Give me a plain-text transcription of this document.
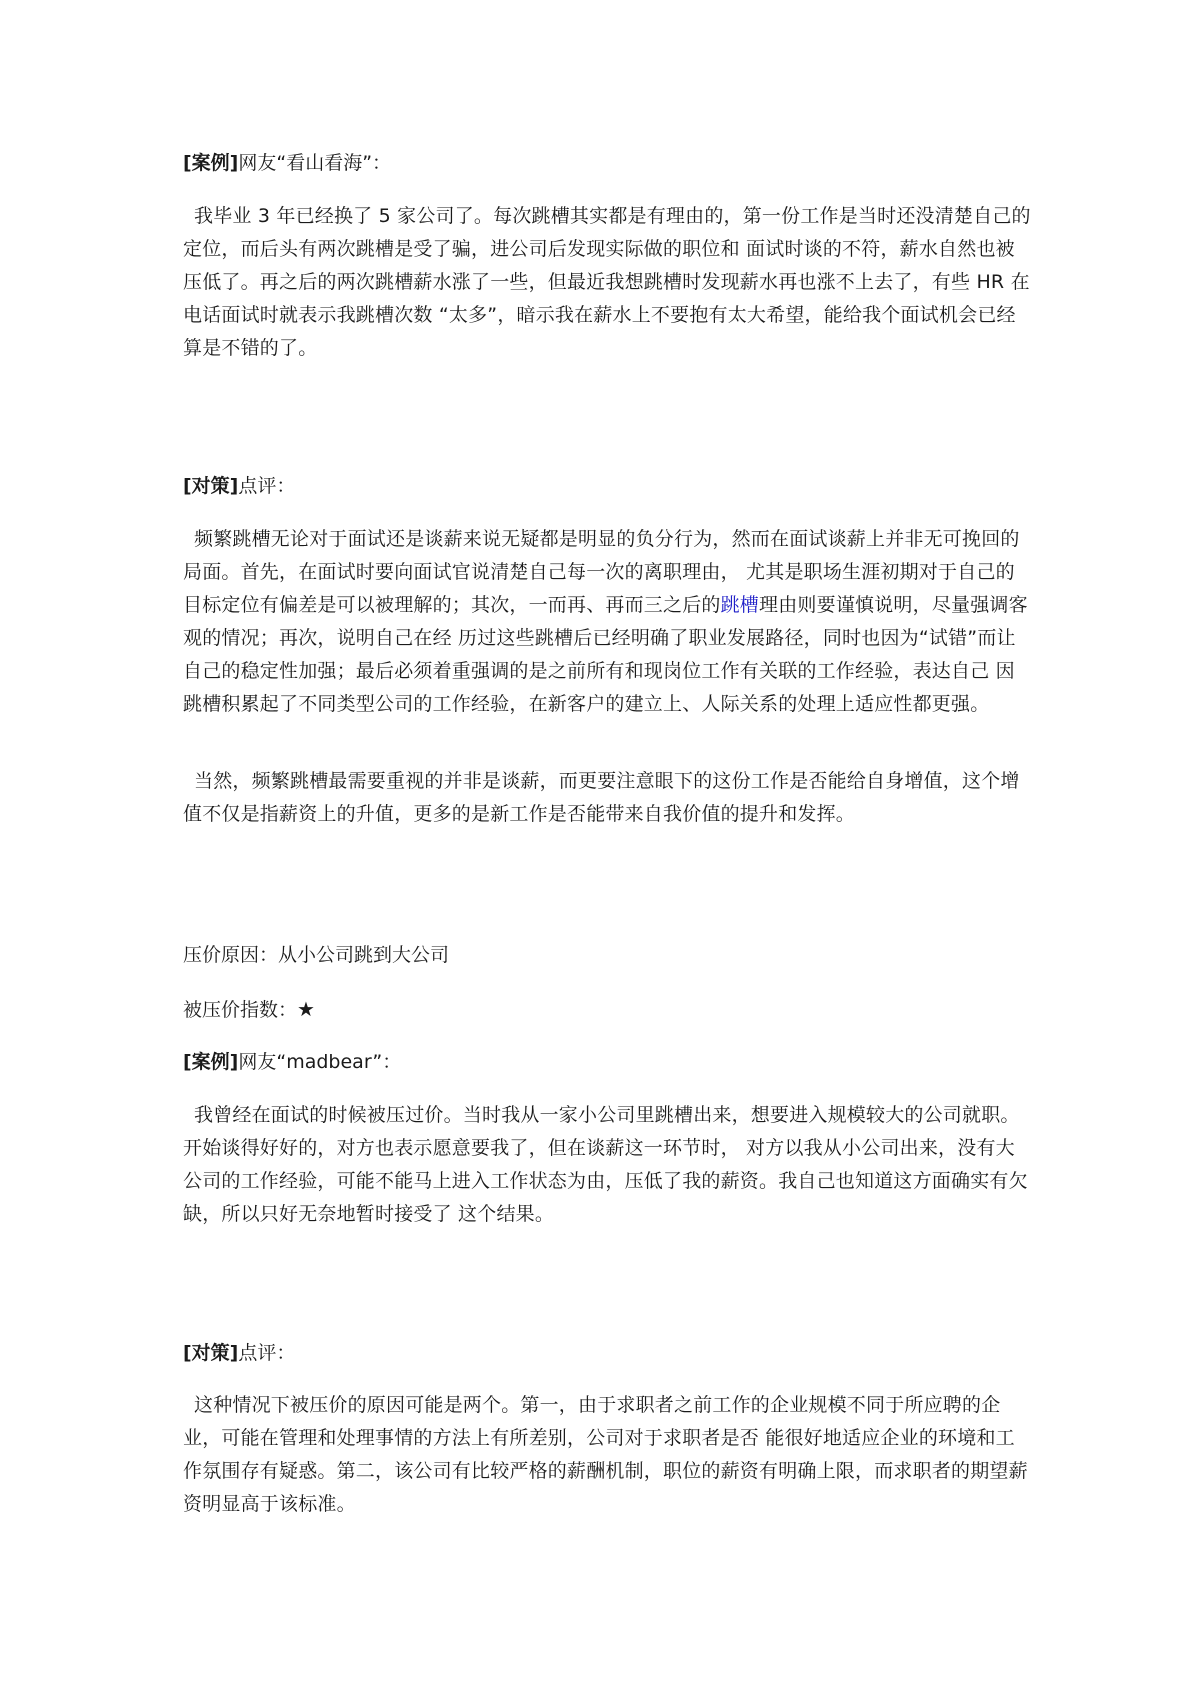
[案例]网友“看山看海”：
我毕业 3 年已经换了 5 家公司了。每次跳槽其实都是有理由的，第一份工作是当时还没清楚自己的定位，而后头有两次跳槽是受了骗，进公司后发现实际做的职位和 面试时谈的不符，薪水自然也被压低了。再之后的两次跳槽薪水涨了一些，但最近我想跳槽时发现薪水再也涨不上去了，有些 HR 在电话面试时就表示我跳槽次数 “太多”，暗示我在薪水上不要抱有太大希望，能给我个面试机会已经算是不错的了。
[对策]点评：
频繁跳槽无论对于面试还是谈薪来说无疑都是明显的负分行为，然而在面试谈薪上并非无可挽回的局面。首先，在面试时要向面试官说清楚自己每一次的离职理由， 尤其是职场生涯初期对于自己的目标定位有偏差是可以被理解的；其次，一而再、再而三之后的跳槽理由则要谨慎说明，尽量强调客观的情况；再次，说明自己在经 历过这些跳槽后已经明确了职业发展路径，同时也因为“试错”而让自己的稳定性加强；最后必须着重强调的是之前所有和现岗位工作有关联的工作经验，表达自己 因跳槽积累起了不同类型公司的工作经验，在新客户的建立上、人际关系的处理上适应性都更强。
当然，频繁跳槽最需要重视的并非是谈薪，而更要注意眼下的这份工作是否能给自身增值，这个增值不仅是指薪资上的升值，更多的是新工作是否能带来自我价值的提升和发挥。
压价原因：从小公司跳到大公司
被压价指数：★
[案例]网友“madbear”：
我曾经在面试的时候被压过价。当时我从一家小公司里跳槽出来，想要进入规模较大的公司就职。开始谈得好好的，对方也表示愿意要我了，但在谈薪这一环节时， 对方以我从小公司出来，没有大公司的工作经验，可能不能马上进入工作状态为由，压低了我的薪资。我自己也知道这方面确实有欠缺，所以只好无奈地暂时接受了 这个结果。
[对策]点评：
这种情况下被压价的原因可能是两个。第一，由于求职者之前工作的企业规模不同于所应聘的企业，可能在管理和处理事情的方法上有所差别，公司对于求职者是否 能很好地适应企业的环境和工作氛围存有疑惑。第二，该公司有比较严格的薪酬机制，职位的薪资有明确上限，而求职者的期望薪资明显高于该标准。
